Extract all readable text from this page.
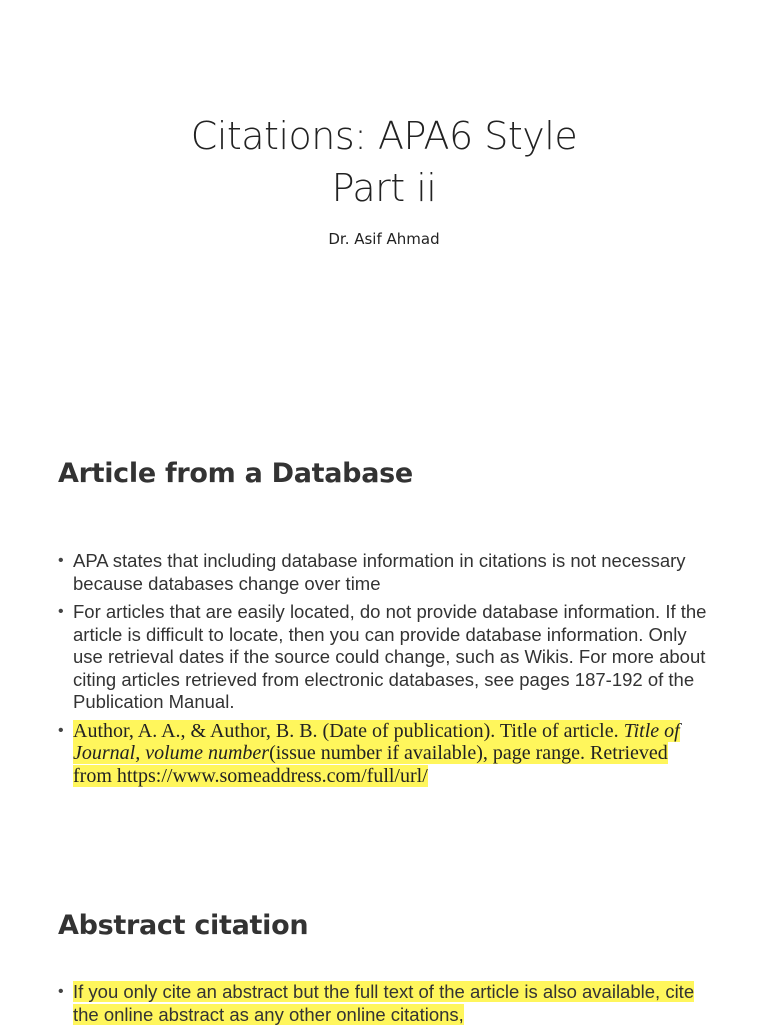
Citations: APA6 Style
Part ii
Dr. Asif Ahmad
Article from a Database
• APA states that including database information in citations is not necessary because databases change over time
• For articles that are easily located, do not provide database information. If the article is difficult to locate, then you can provide database information. Only use retrieval dates if the source could change, such as Wikis. For more about citing articles retrieved from electronic databases, see pages 187-192 of the Publication Manual.
• Author, A. A., & Author, B. B. (Date of publication). Title of article. Title of Journal, volume number(issue number if available), page range. Retrieved from https://www.someaddress.com/full/url/
Abstract citation
• If you only cite an abstract but the full text of the article is also available, cite the online abstract as any other online citations,
